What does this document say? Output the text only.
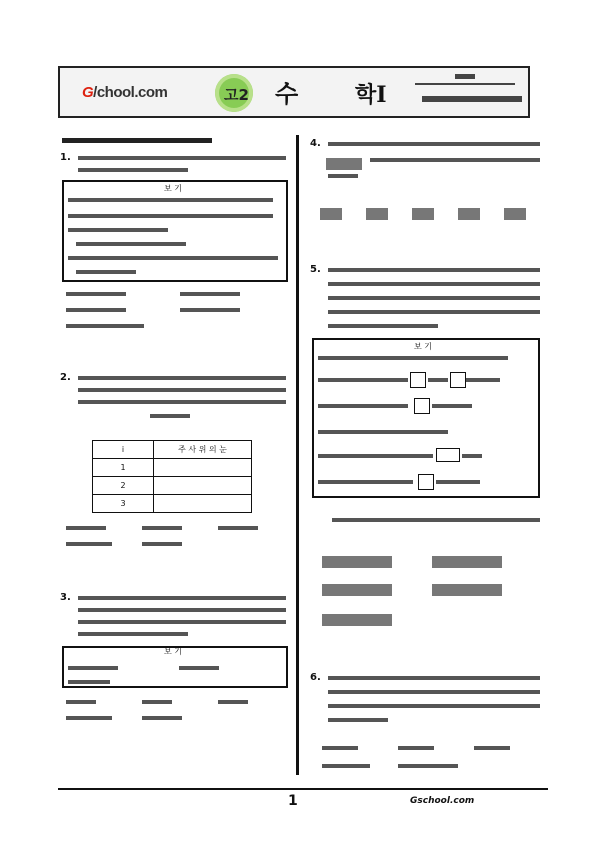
G/chool.com	고2 수	학Ⅰ
1.
보 기
2.
i	주 사 위 의 눈
1	
2	
3	
3.
보 기
4.
5.
보 기
6.
1	Gschool.com
